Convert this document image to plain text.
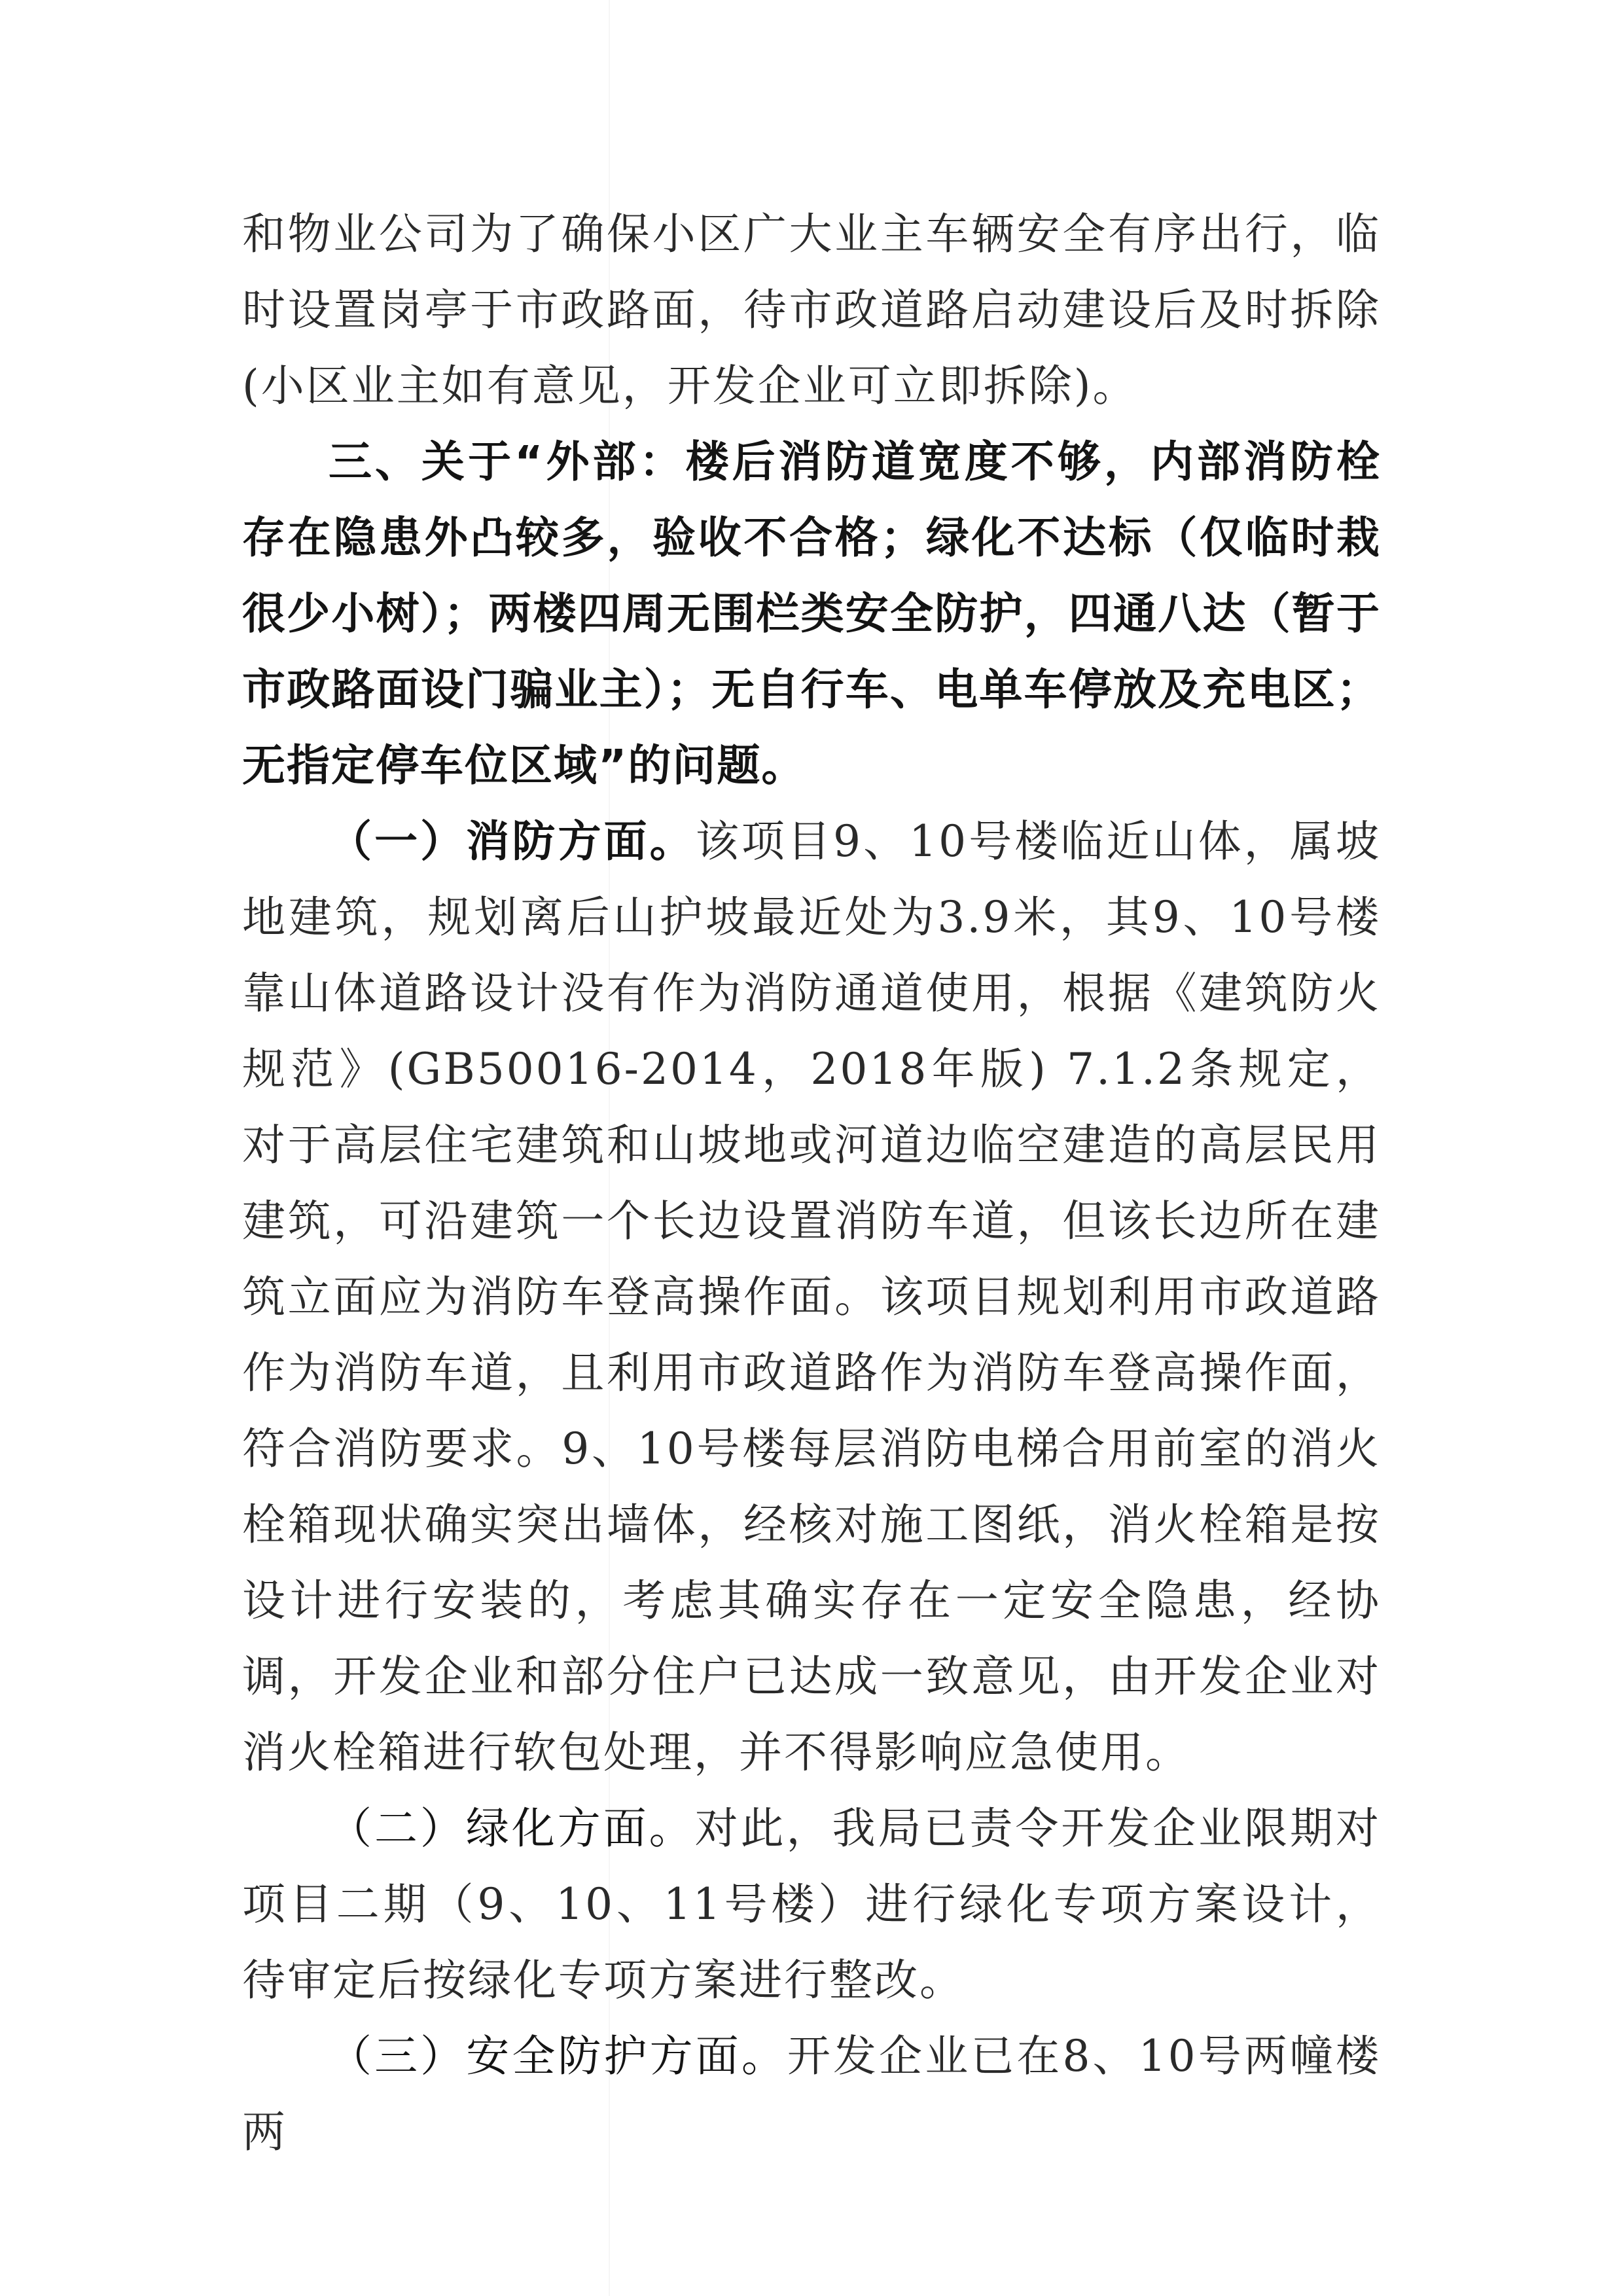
和物业公司为了确保小区广大业主车辆安全有序出行，临时设置岗亭于市政路面，待市政道路启动建设后及时拆除(小区业主如有意见，开发企业可立即拆除)。

三、关于“外部：楼后消防道宽度不够，内部消防栓存在隐患外凸较多，验收不合格；绿化不达标（仅临时栽很少小树）；两楼四周无围栏类安全防护，四通八达（暂于市政路面设门骗业主）；无自行车、电单车停放及充电区；无指定停车位区域”的问题。

（一）消防方面。该项目9、10号楼临近山体，属坡地建筑，规划离后山护坡最近处为3.9米，其9、10号楼靠山体道路设计没有作为消防通道使用，根据《建筑防火规范》(GB50016-2014，2018年版) 7.1.2条规定，对于高层住宅建筑和山坡地或河道边临空建造的高层民用建筑，可沿建筑一个长边设置消防车道，但该长边所在建筑立面应为消防车登高操作面。该项目规划利用市政道路作为消防车道，且利用市政道路作为消防车登高操作面，符合消防要求。9、10号楼每层消防电梯合用前室的消火栓箱现状确实突出墙体，经核对施工图纸，消火栓箱是按设计进行安装的，考虑其确实存在一定安全隐患，经协调，开发企业和部分住户已达成一致意见，由开发企业对消火栓箱进行软包处理，并不得影响应急使用。

（二）绿化方面。对此，我局已责令开发企业限期对项目二期（9、10、11号楼）进行绿化专项方案设计，待审定后按绿化专项方案进行整改。

（三）安全防护方面。开发企业已在8、10号两幢楼两
